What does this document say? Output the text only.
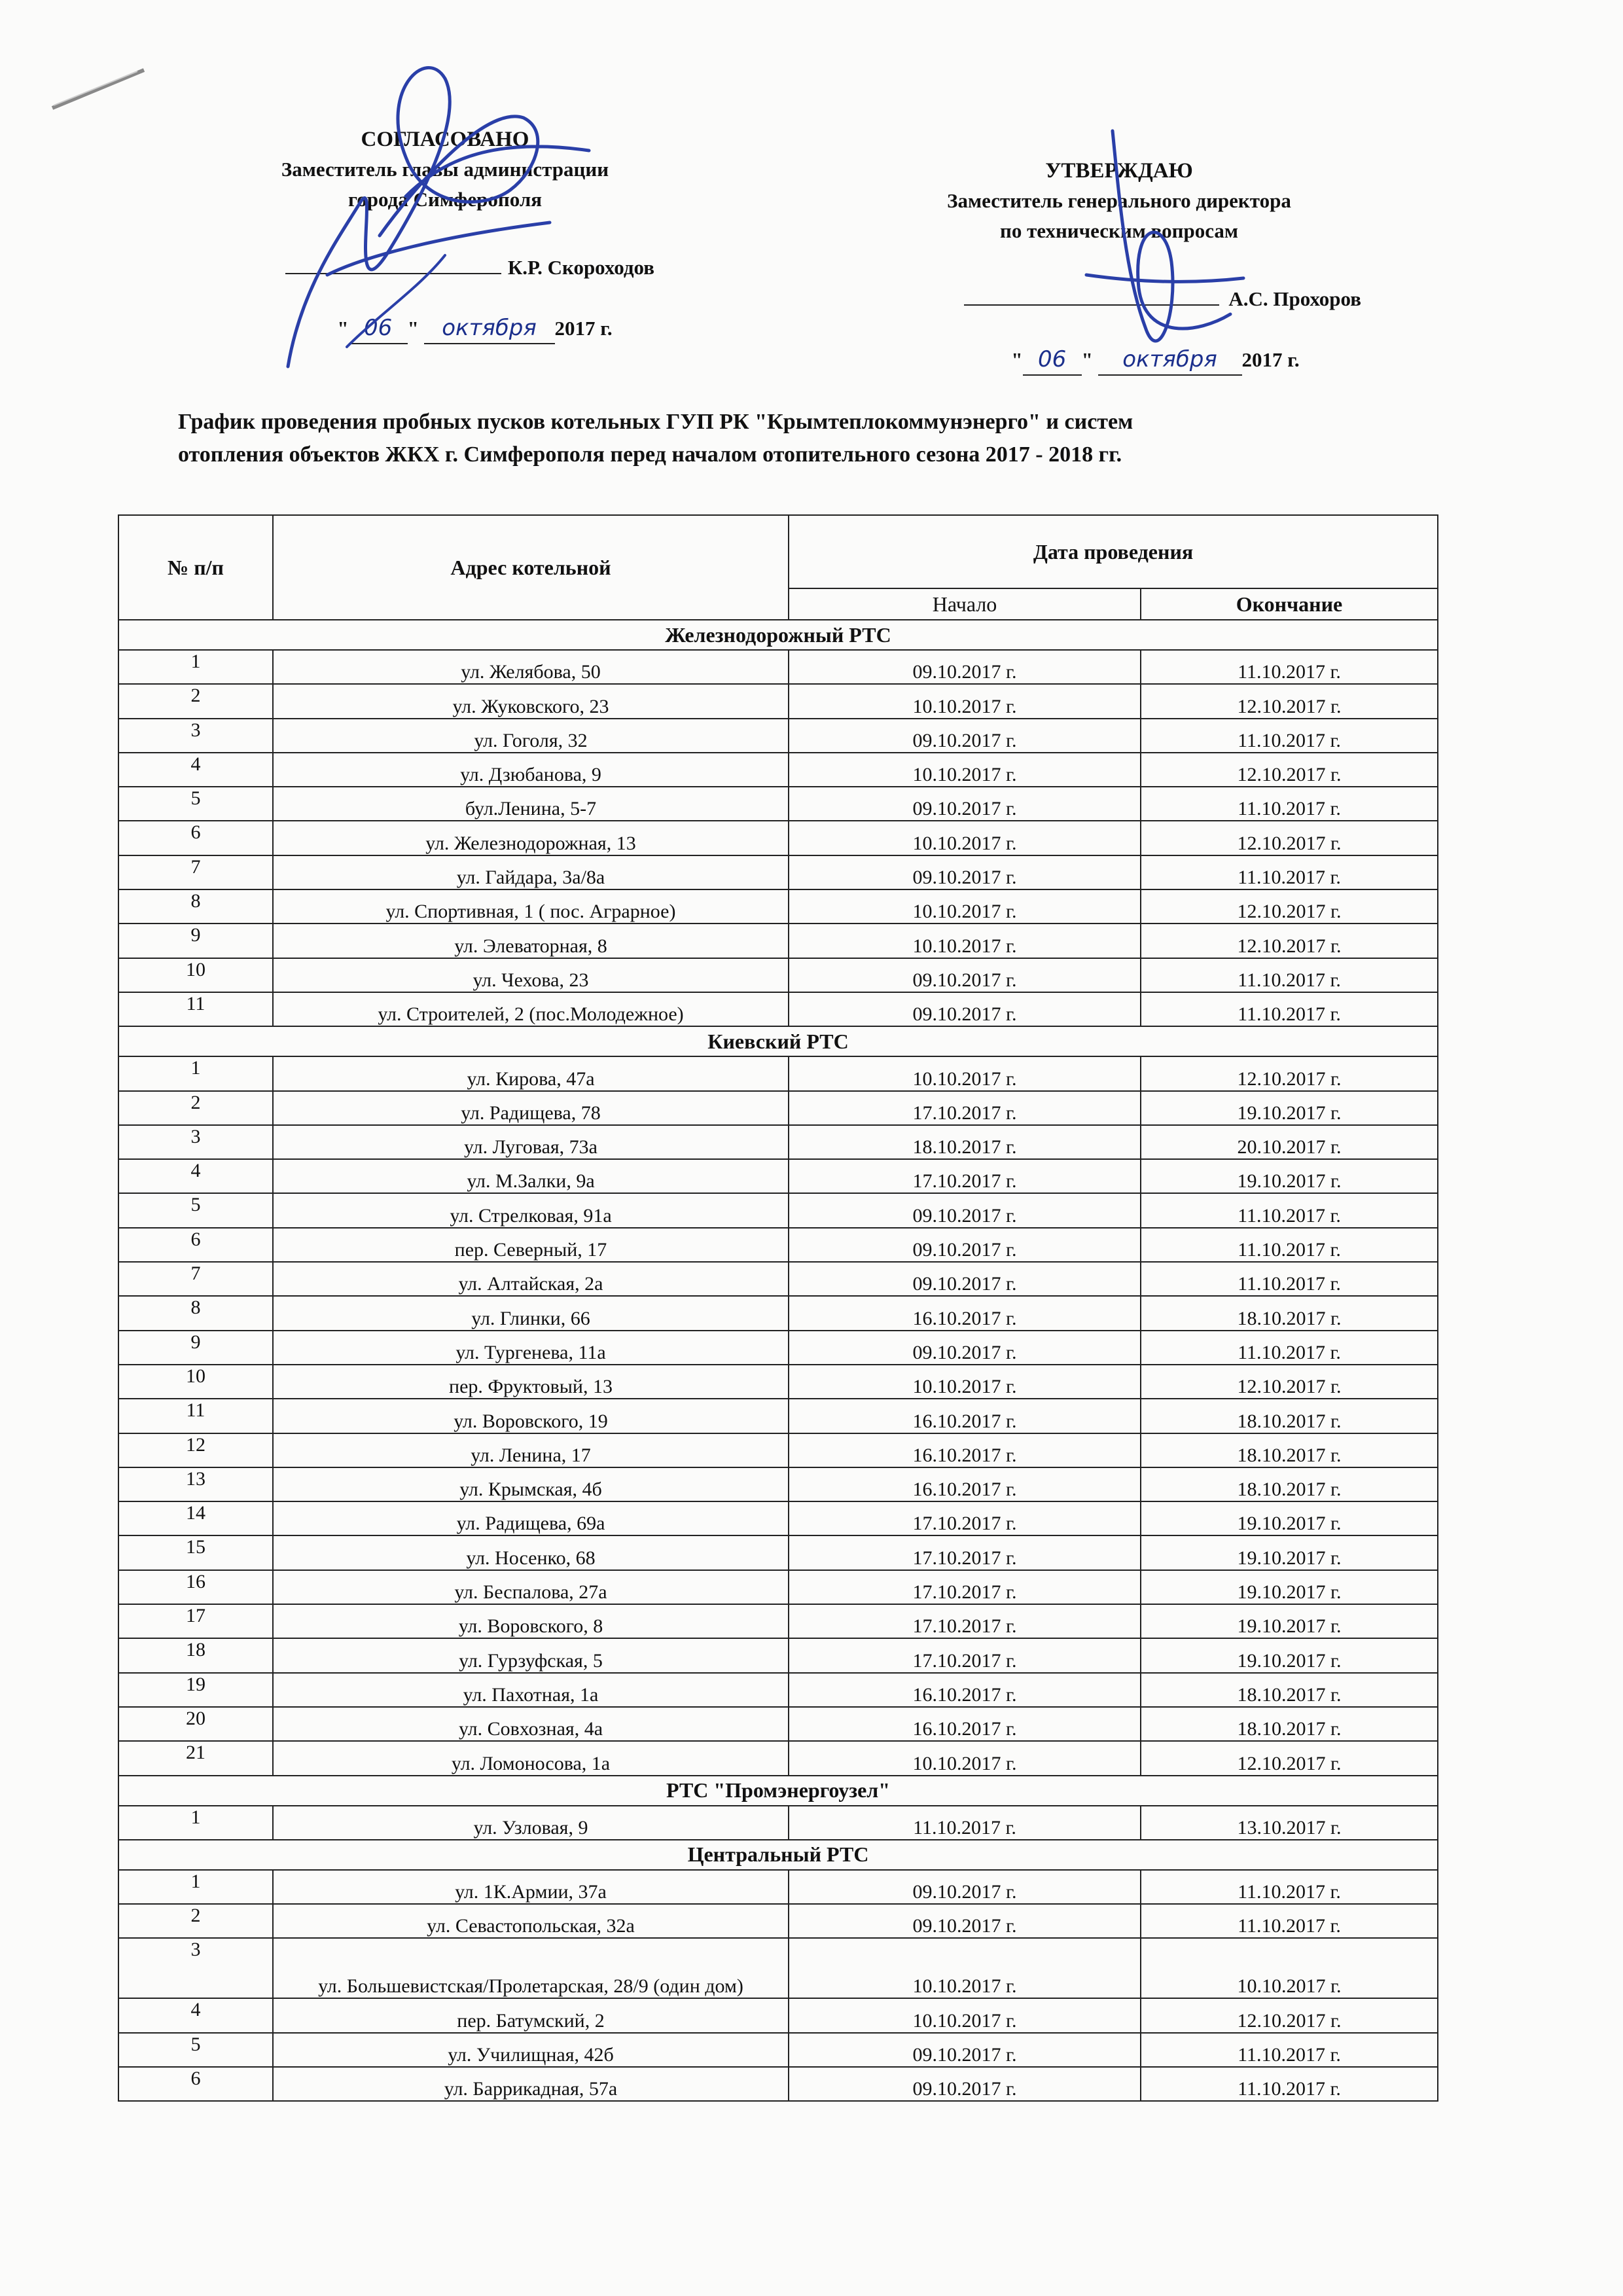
СОГЛАСОВАНО
Заместитель главы администрации
города Симферополя
К.Р. Скороходов

" 06 " октября 2017 г.

УТВЕРЖДАЮ
Заместитель генерального директора
по техническим вопросам
А.С. Прохоров

" 06 " октября 2017 г.

График проведения пробных пусков котельных ГУП РК "Крымтеплокоммунэнерго" и систем
отопления объектов ЖКХ г. Симферополя перед началом отопительного сезона 2017 - 2018 гг.
№ п/п	Адрес котельной	Дата проведения	
		Начало	Окончание
Железнодорожный РТС			
1	ул. Желябова, 50	09.10.2017 г.	11.10.2017 г.
2	ул. Жуковского, 23	10.10.2017 г.	12.10.2017 г.
3	ул. Гоголя, 32	09.10.2017 г.	11.10.2017 г.
4	ул. Дзюбанова, 9	10.10.2017 г.	12.10.2017 г.
5	бул.Ленина, 5-7	09.10.2017 г.	11.10.2017 г.
6	ул. Железнодорожная, 13	10.10.2017 г.	12.10.2017 г.
7	ул. Гайдара, 3а/8а	09.10.2017 г.	11.10.2017 г.
8	ул. Спортивная, 1 ( пос. Аграрное)	10.10.2017 г.	12.10.2017 г.
9	ул. Элеваторная, 8	10.10.2017 г.	12.10.2017 г.
10	ул. Чехова, 23	09.10.2017 г.	11.10.2017 г.
11	ул. Строителей, 2 (пос.Молодежное)	09.10.2017 г.	11.10.2017 г.
Киевский РТС			
1	ул. Кирова, 47а	10.10.2017 г.	12.10.2017 г.
2	ул. Радищева, 78	17.10.2017 г.	19.10.2017 г.
3	ул. Луговая, 73а	18.10.2017 г.	20.10.2017 г.
4	ул. М.Залки, 9а	17.10.2017 г.	19.10.2017 г.
5	ул. Стрелковая, 91а	09.10.2017 г.	11.10.2017 г.
6	пер. Северный, 17	09.10.2017 г.	11.10.2017 г.
7	ул. Алтайская, 2а	09.10.2017 г.	11.10.2017 г.
8	ул. Глинки, 66	16.10.2017 г.	18.10.2017 г.
9	ул. Тургенева, 11а	09.10.2017 г.	11.10.2017 г.
10	пер. Фруктовый, 13	10.10.2017 г.	12.10.2017 г.
11	ул. Воровского, 19	16.10.2017 г.	18.10.2017 г.
12	ул. Ленина, 17	16.10.2017 г.	18.10.2017 г.
13	ул. Крымская, 4б	16.10.2017 г.	18.10.2017 г.
14	ул. Радищева, 69а	17.10.2017 г.	19.10.2017 г.
15	ул. Носенко, 68	17.10.2017 г.	19.10.2017 г.
16	ул. Беспалова, 27а	17.10.2017 г.	19.10.2017 г.
17	ул. Воровского, 8	17.10.2017 г.	19.10.2017 г.
18	ул. Гурзуфская, 5	17.10.2017 г.	19.10.2017 г.
19	ул. Пахотная, 1а	16.10.2017 г.	18.10.2017 г.
20	ул. Совхозная, 4а	16.10.2017 г.	18.10.2017 г.
21	ул. Ломоносова, 1а	10.10.2017 г.	12.10.2017 г.
РТС "Промэнергоузел"			
1	ул. Узловая, 9	11.10.2017 г.	13.10.2017 г.
Центральный РТС			
1	ул. 1К.Армии, 37а	09.10.2017 г.	11.10.2017 г.
2	ул. Севастопольская, 32а	09.10.2017 г.	11.10.2017 г.
3	ул. Большевистская/Пролетарская, 28/9 (один дом)	10.10.2017 г.	10.10.2017 г.
4	пер. Батумский, 2	10.10.2017 г.	12.10.2017 г.
5	ул. Училищная, 42б	09.10.2017 г.	11.10.2017 г.
6	ул. Баррикадная, 57а	09.10.2017 г.	11.10.2017 г.
